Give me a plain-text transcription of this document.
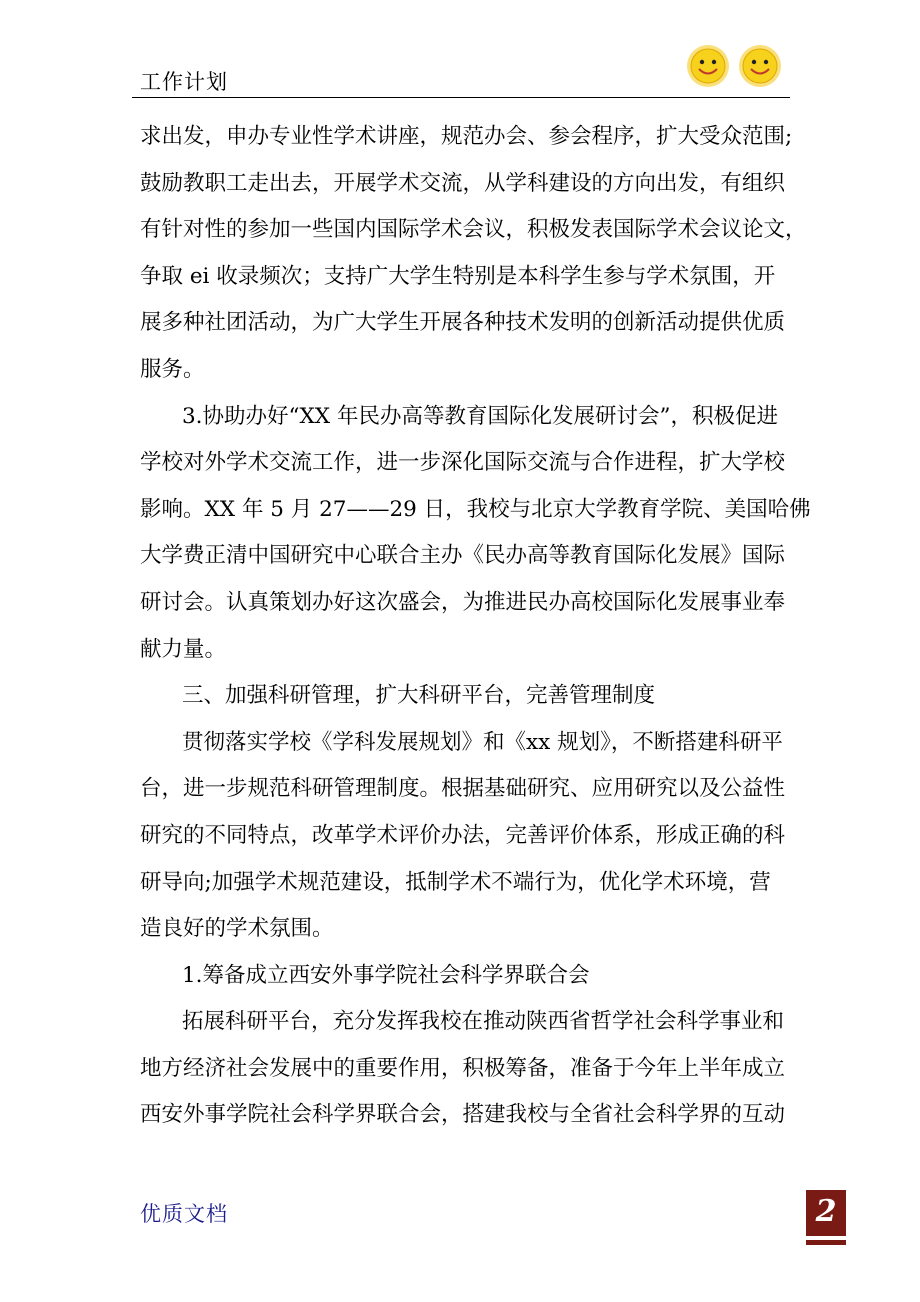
工作计划
求出发，申办专业性学术讲座，规范办会、参会程序，扩大受众范围;
鼓励教职工走出去，开展学术交流，从学科建设的方向出发，有组织
有针对性的参加一些国内国际学术会议，积极发表国际学术会议论文，
争取 ei 收录频次；支持广大学生特别是本科学生参与学术氛围，开
展多种社团活动，为广大学生开展各种技术发明的创新活动提供优质
服务。
3.协助办好“XX 年民办高等教育国际化发展研讨会”，积极促进
学校对外学术交流工作，进一步深化国际交流与合作进程，扩大学校
影响。XX 年 5 月 27——29 日，我校与北京大学教育学院、美国哈佛
大学费正清中国研究中心联合主办《民办高等教育国际化发展》国际
研讨会。认真策划办好这次盛会，为推进民办高校国际化发展事业奉
献力量。
三、加强科研管理，扩大科研平台，完善管理制度
贯彻落实学校《学科发展规划》和《xx 规划》，不断搭建科研平
台，进一步规范科研管理制度。根据基础研究、应用研究以及公益性
研究的不同特点，改革学术评价办法，完善评价体系，形成正确的科
研导向;加强学术规范建设，抵制学术不端行为，优化学术环境，营
造良好的学术氛围。
1.筹备成立西安外事学院社会科学界联合会
拓展科研平台，充分发挥我校在推动陕西省哲学社会科学事业和
地方经济社会发展中的重要作用，积极筹备，准备于今年上半年成立
西安外事学院社会科学界联合会，搭建我校与全省社会科学界的互动
优质文档	2
